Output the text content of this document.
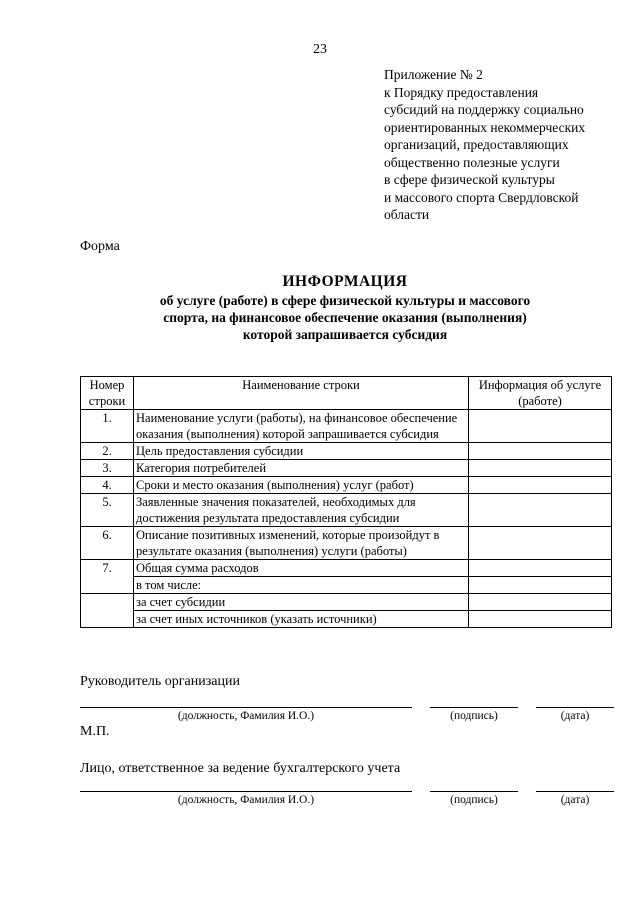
23
Приложение № 2
к Порядку предоставления
субсидий на поддержку социально
ориентированных некоммерческих
организаций, предоставляющих
общественно полезные услуги
в сфере физической культуры
и массового спорта Свердловской
области
Форма
ИНФОРМАЦИЯ
об услуге (работе) в сфере физической культуры и массового
спорта, на финансовое обеспечение оказания (выполнения)
которой запрашивается субсидия
Номер строки	Наименование строки	Информация об услуге (работе)
1.	Наименование услуги (работы), на финансовое обеспечение оказания (выполнения) которой запрашивается субсидия	
2.	Цель предоставления субсидии	
3.	Категория потребителей	
4.	Сроки и место оказания (выполнения) услуг (работ)	
5.	Заявленные значения показателей, необходимых для достижения результата предоставления субсидии	
6.	Описание позитивных изменений, которые произойдут в результате оказания (выполнения) услуги (работы)	
7.	Общая сумма расходов	
	в том числе:	
	за счет субсидии	
	за счет иных источников (указать источники)	
Руководитель организации
(должность, Фамилия И.О.)	(подпись)	(дата)
М.П.
Лицо, ответственное за ведение бухгалтерского учета
(должность, Фамилия И.О.)	(подпись)	(дата)
